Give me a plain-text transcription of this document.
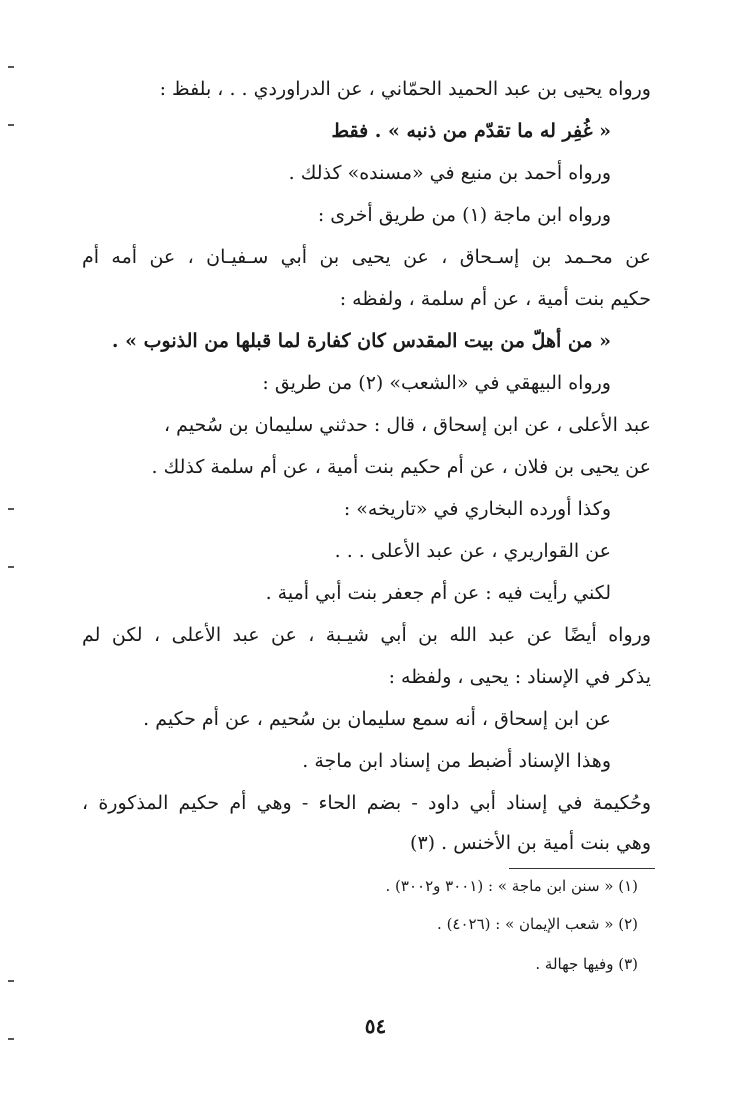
ورواه يحيى بن عبد الحميد الحمّاني ، عن الدراوردي . . ، بلفظ :
« غُفِر له ما تقدّم من ذنبه » . فقط
ورواه أحمد بن منيع في «مسنده» كذلك .
ورواه ابن ماجة (١) من طريق أخرى :
عن محـمد بن إسـحاق ، عن يحيى بن أبي سـفيـان ، عن أمه أم
حكيم بنت أمية ، عن أم سلمة ، ولفظه :
« من أهلّ من بيت المقدس كان كفارة لما قبلها من الذنوب » .
ورواه البيهقي في «الشعب» (٢) من طريق :
عبد الأعلى ، عن ابن إسحاق ، قال : حدثني سليمان بن سُحيم ،
عن يحيى بن فلان ، عن أم حكيم بنت أمية ، عن أم سلمة كذلك .
وكذا أورده البخاري في «تاريخه» :
عن القواريري ، عن عبد الأعلى . . .
لكني رأيت فيه : عن أم جعفر بنت أبي أمية .
ورواه أيضًا عن عبد الله بن أبي شيـبة ، عن عبد الأعلى ، لكن لم
يذكر في الإسناد : يحيى ، ولفظه :
عن ابن إسحاق ، أنه سمع سليمان بن سُحيم ، عن أم حكيم .
وهذا الإسناد أضبط من إسناد ابن ماجة .
وحُكيمة في إسناد أبي داود - بضم الحاء - وهي أم حكيم المذكورة ،
وهي بنت أمية بن الأخنس . (٣)
(١) « سنن ابن ماجة » : (٣٠٠١ و٣٠٠٢) .
(٢) « شعب الإيمان » : (٤٠٢٦) .
(٣) وفيها جهالة .
٥٤
